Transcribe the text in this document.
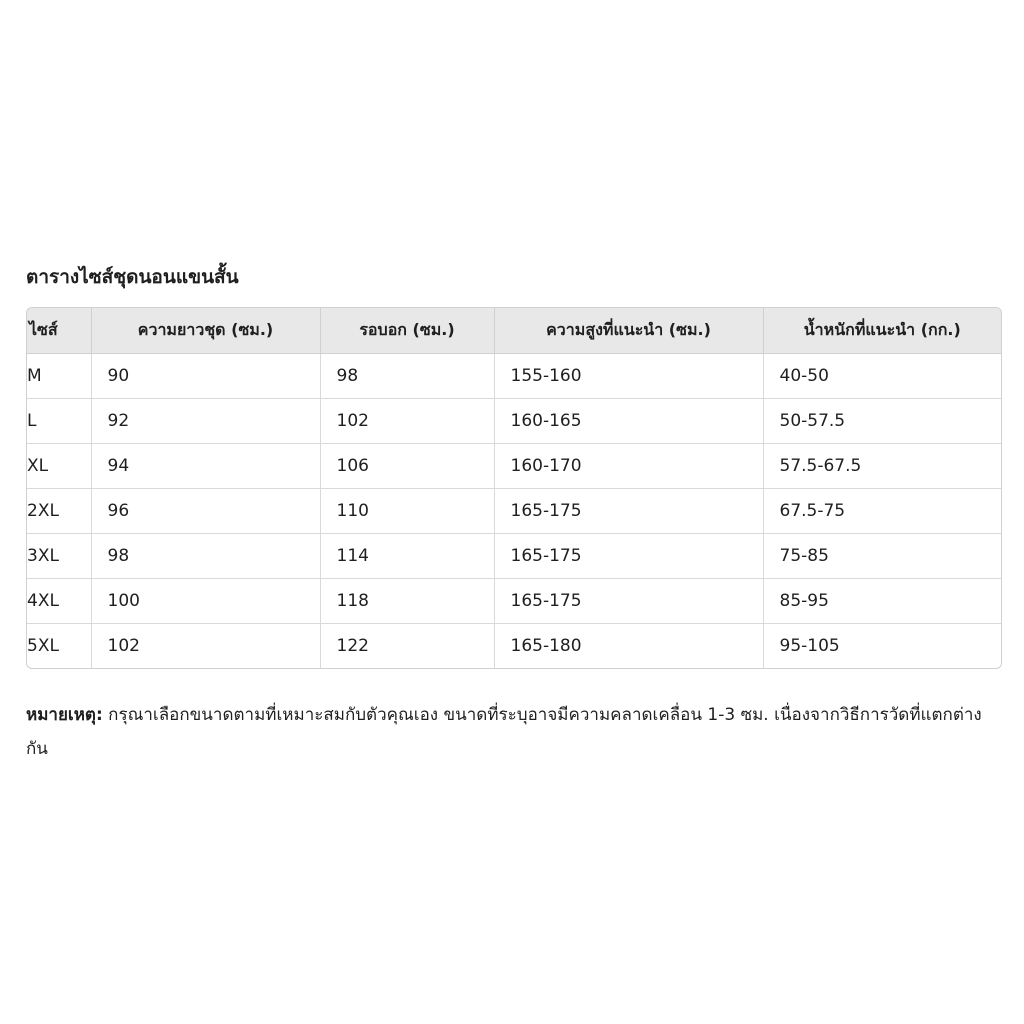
ตารางไซส์ชุดนอนแขนสั้น
ไซส์	ความยาวชุด (ซม.)	รอบอก (ซม.)	ความสูงที่แนะนำ (ซม.)	น้ำหนักที่แนะนำ (กก.)
M	90	98	155-160	40-50
L	92	102	160-165	50-57.5
XL	94	106	160-170	57.5-67.5
2XL	96	110	165-175	67.5-75
3XL	98	114	165-175	75-85
4XL	100	118	165-175	85-95
5XL	102	122	165-180	95-105

หมายเหตุ: กรุณาเลือกขนาดตามที่เหมาะสมกับตัวคุณเอง ขนาดที่ระบุอาจมีความคลาดเคลื่อน 1-3 ซม. เนื่องจากวิธีการวัดที่แตกต่างกัน
